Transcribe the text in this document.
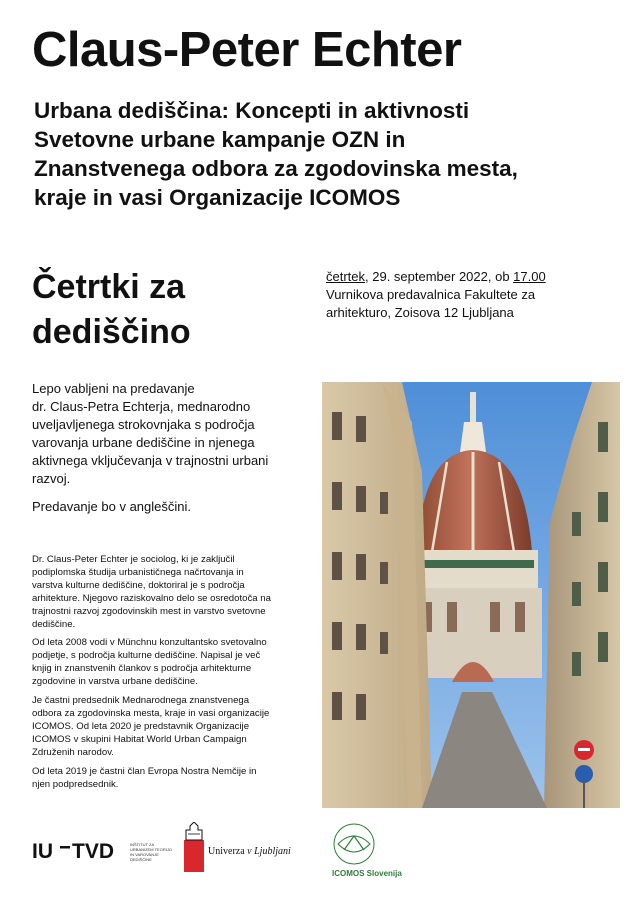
Claus-Peter Echter
Urbana dediščina: Koncepti in aktivnosti
Svetovne urbane kampanje OZN in
Znanstvenega odbora za zgodovinska mesta,
kraje in vasi Organizacije ICOMOS
Četrtki za
dediščino
četrtek, 29. september 2022, ob 17.00
Vurnikova predavalnica Fakultete za
arhitekturo, Zoisova 12 Ljubljana

Lepo vabljeni na predavanje
dr. Claus-Petra Echterja, mednarodno
uveljavljenega strokovnjaka s področja
varovanja urbane dediščine in njenega
aktivnega vključevanja v trajnostni urbani
razvoj.

Predavanje bo v angleščini.

Dr. Claus-Peter Echter je sociolog, ki je zaključil
podiplomska študija urbanističnega načrtovanja in
varstva kulturne dediščine, doktoriral je s področja
arhitekture. Njegovo raziskovalno delo se osredotoča na
trajnostni razvoj zgodovinskih mest in varstvo svetovne
dediščine.

Od leta 2008 vodi v Münchnu konzultantsko svetovalno
podjetje, s področja kulturne dediščine. Napisal je več
knjig in znanstvenih člankov s področja arhitekturne
zgodovine in varstva urbane dediščine.

Je častni predsednik Mednarodnega znanstvenega
odbora za zgodovinska mesta, kraje in vasi organizacije
ICOMOS. Od leta 2020 je predstavnik Organizacije
ICOMOS v skupini Habitat World Urban Campaign
Združenih narodov.

Od leta 2019 je častni član Evropa Nostra Nemčije in
njen podpredsednik.

IU TVD	INŠTITUT ZA URBANIZEM TEORIJO IN VAROVANJE DEDIŠČINE
Univerza v Ljubljani
ICOMOS Slovenija
